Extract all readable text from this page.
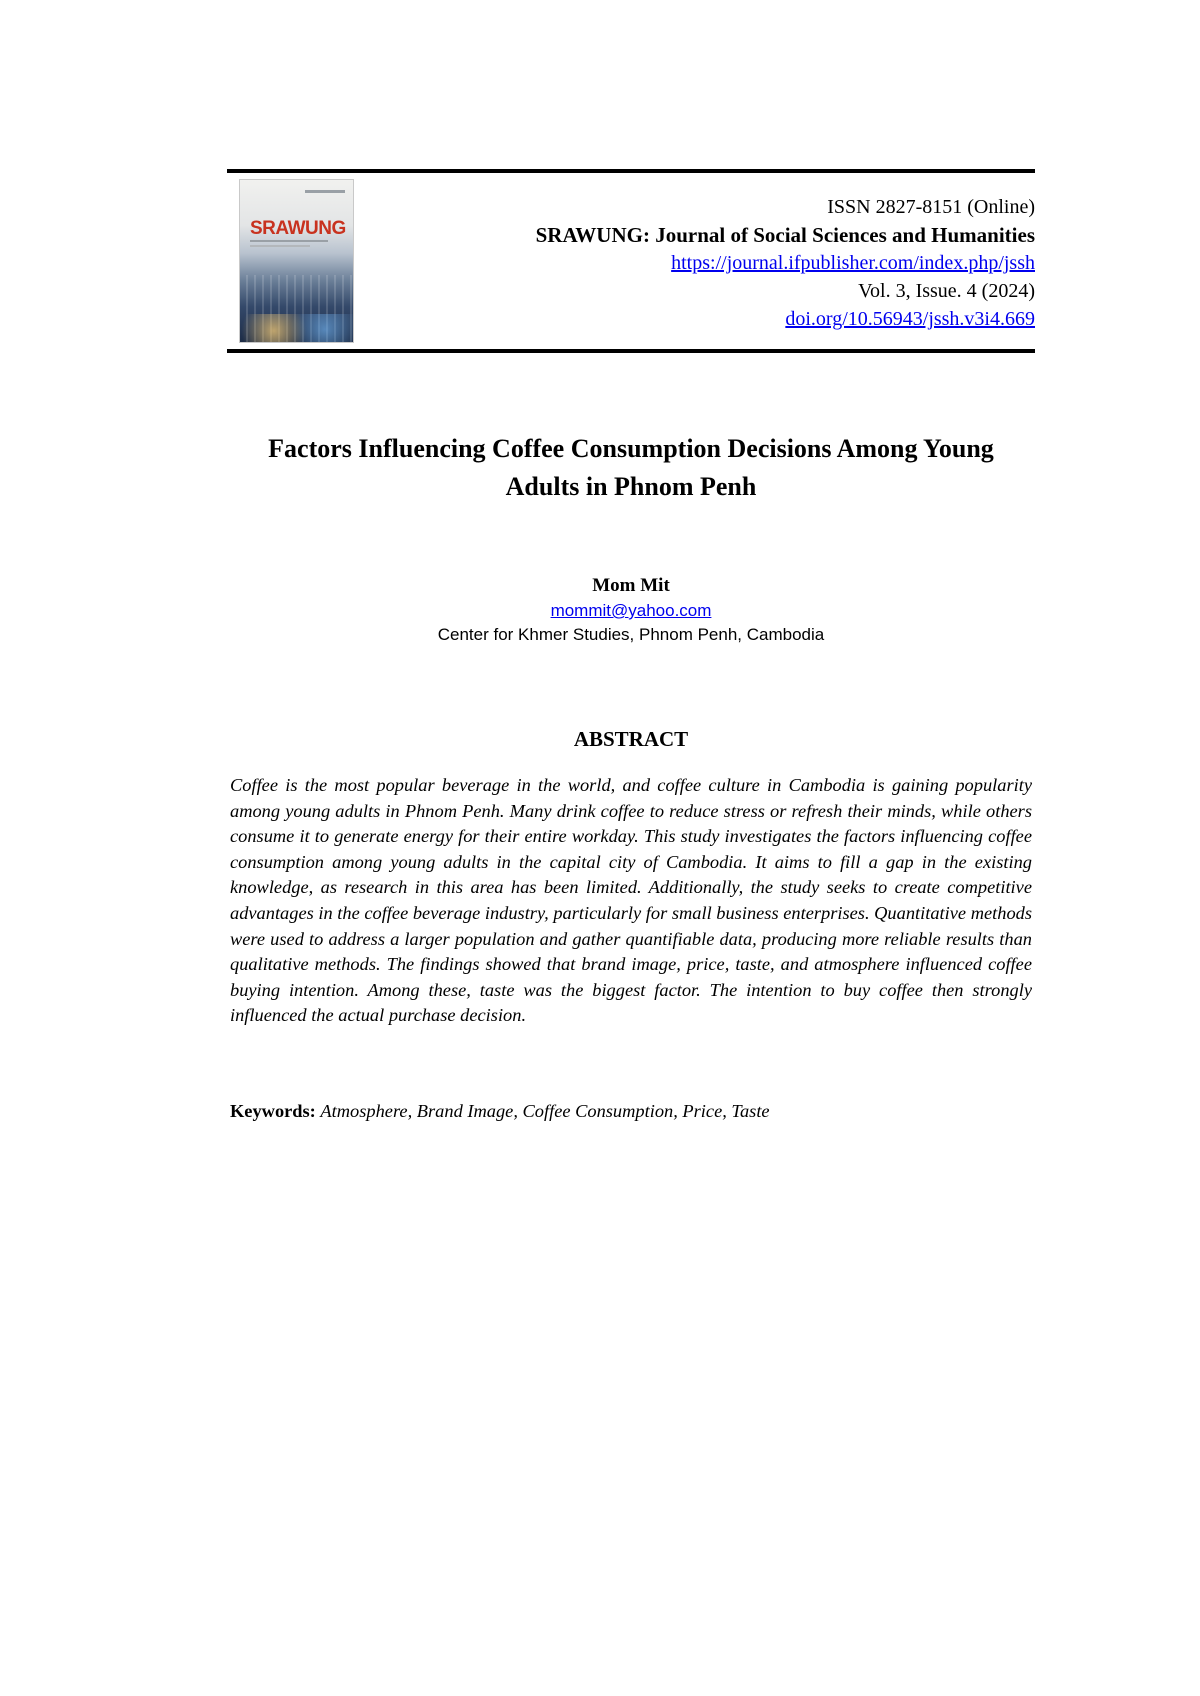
SRAWUNG
ISSN 2827-8151 (Online)
SRAWUNG: Journal of Social Sciences and Humanities
https://journal.ifpublisher.com/index.php/jssh
Vol. 3, Issue. 4 (2024)
doi.org/10.56943/jssh.v3i4.669
Factors Influencing Coffee Consumption Decisions Among Young
Adults in Phnom Penh
Mom Mit
mommit@yahoo.com
Center for Khmer Studies, Phnom Penh, Cambodia
ABSTRACT
Coffee is the most popular beverage in the world, and coffee culture in Cambodia is gaining popularity among young adults in Phnom Penh. Many drink coffee to reduce stress or refresh their minds, while others consume it to generate energy for their entire workday. This study investigates the factors influencing coffee consumption among young adults in the capital city of Cambodia. It aims to fill a gap in the existing knowledge, as research in this area has been limited. Additionally, the study seeks to create competitive advantages in the coffee beverage industry, particularly for small business enterprises. Quantitative methods were used to address a larger population and gather quantifiable data, producing more reliable results than qualitative methods. The findings showed that brand image, price, taste, and atmosphere influenced coffee buying intention. Among these, taste was the biggest factor. The intention to buy coffee then strongly influenced the actual purchase decision.
Keywords: Atmosphere, Brand Image, Coffee Consumption, Price, Taste
